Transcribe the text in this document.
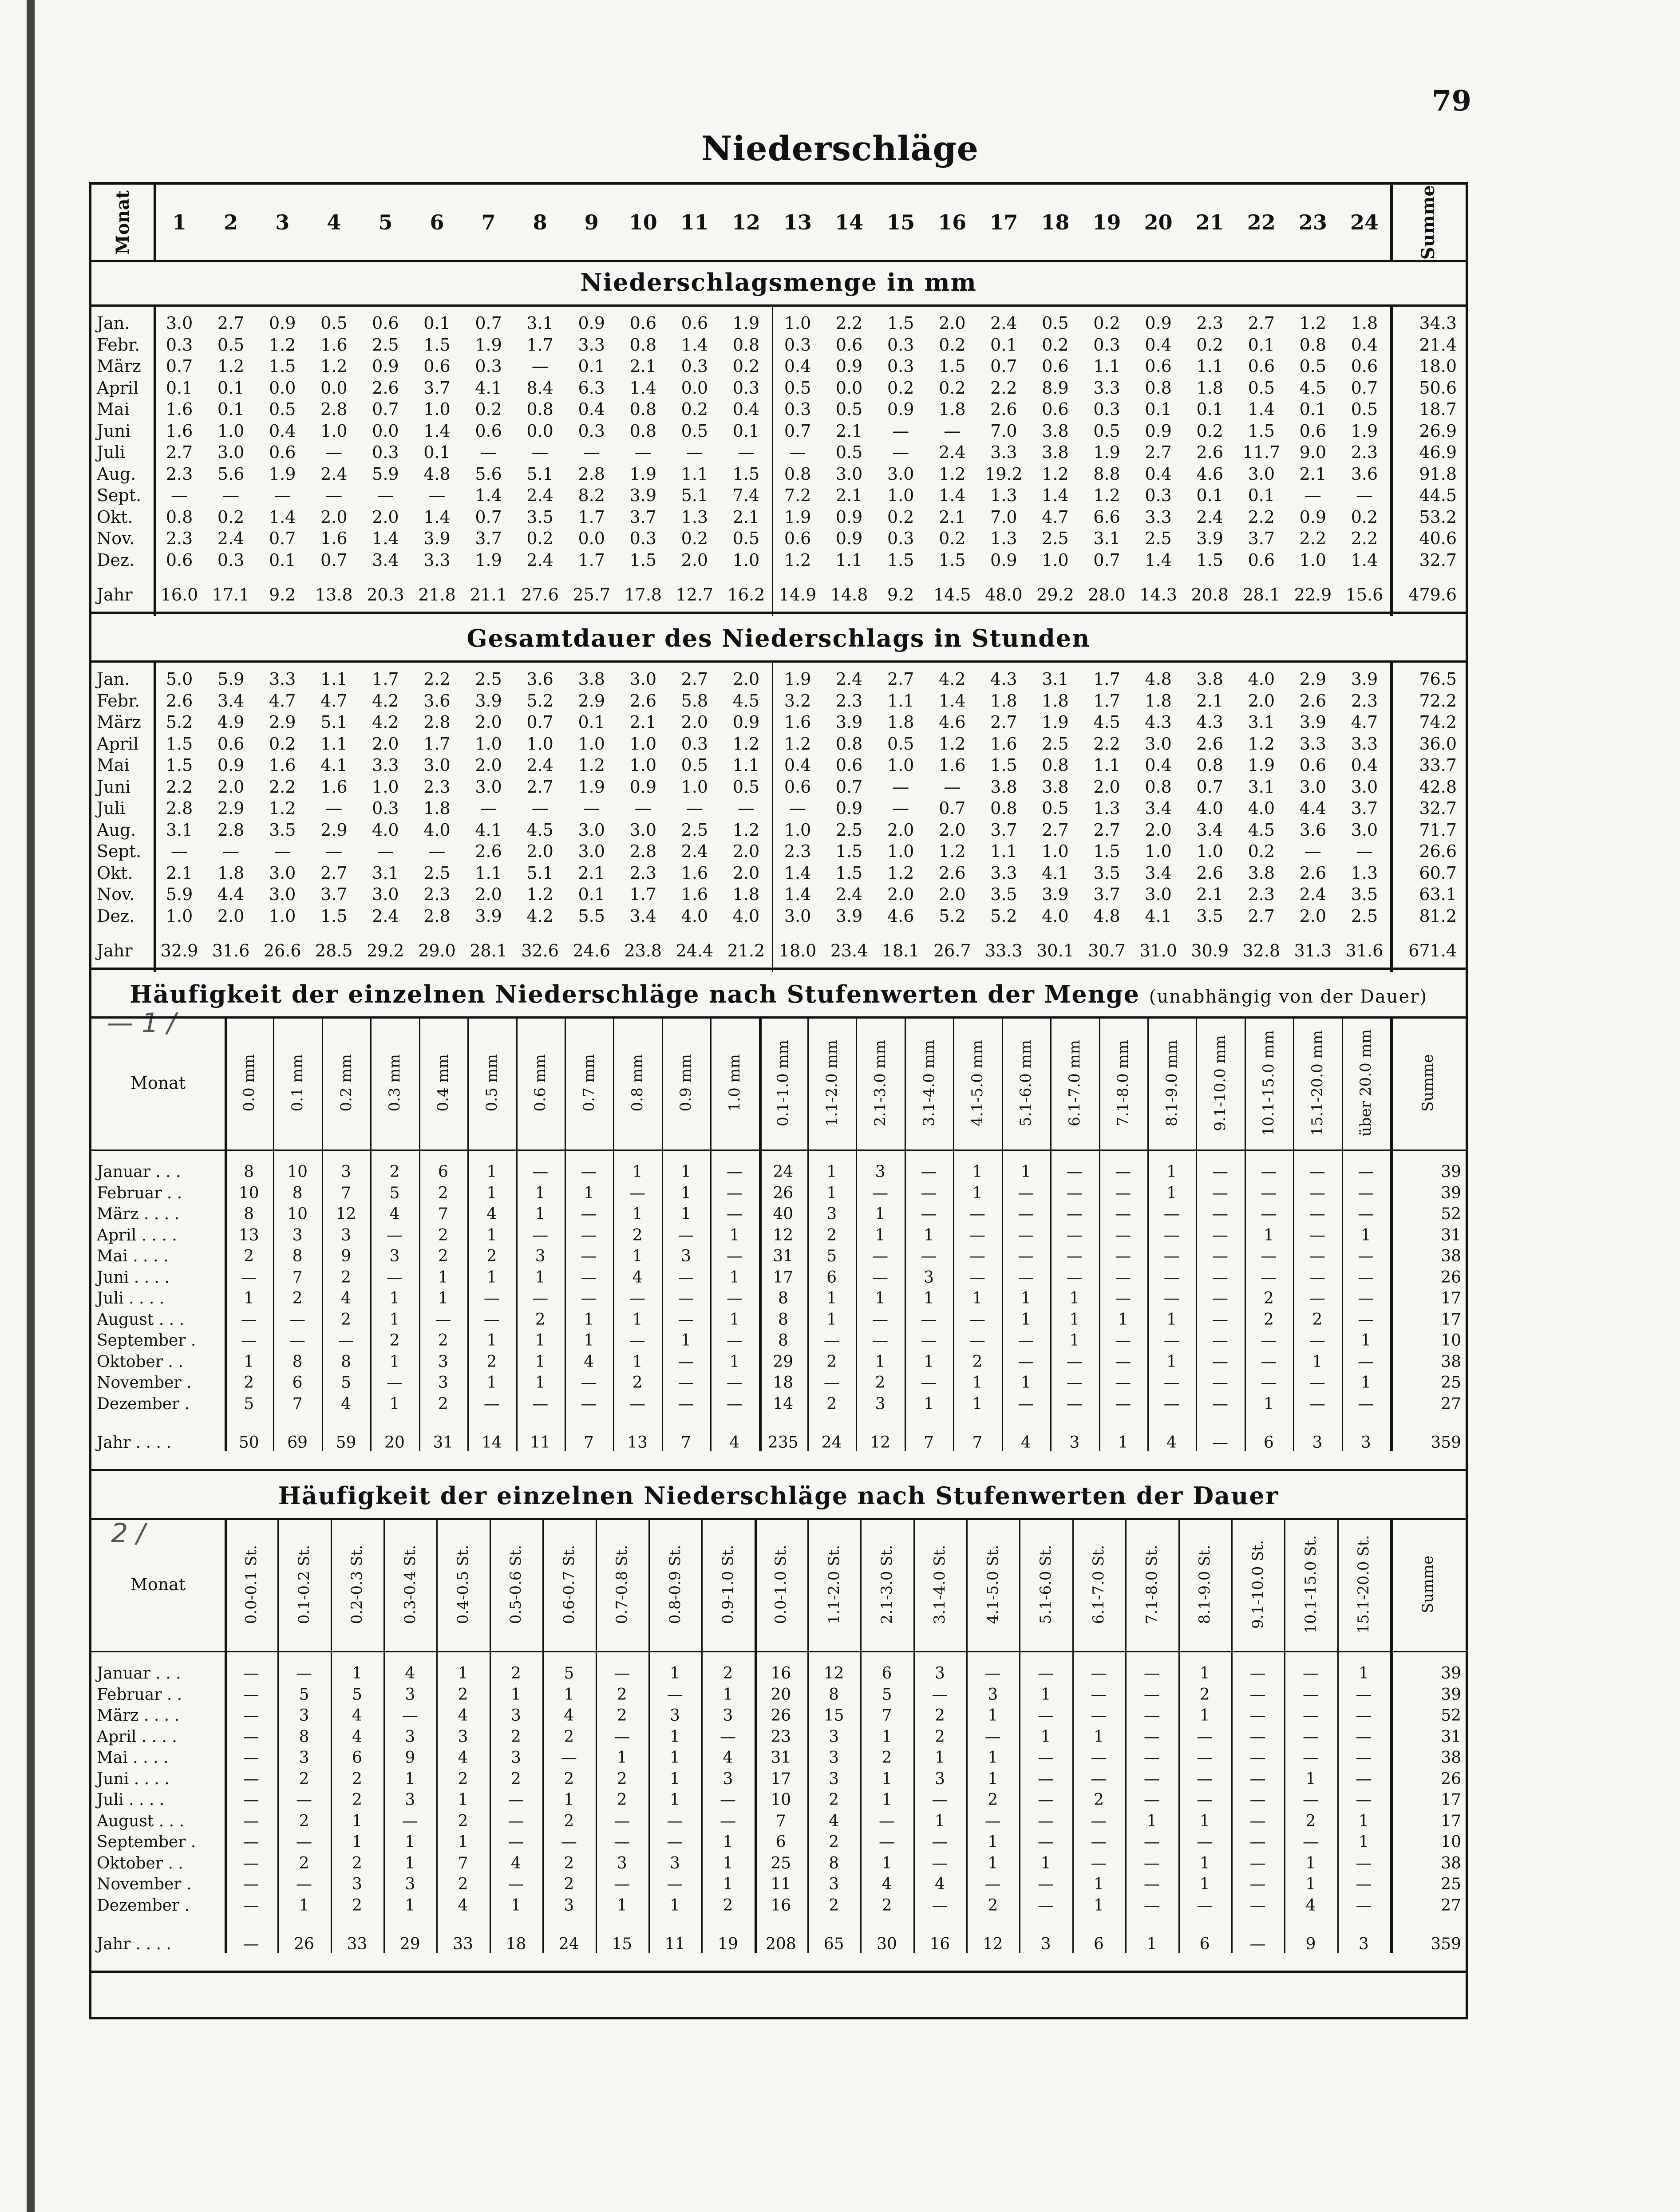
79
Niederschläge
— 1 /
2 /
Monat	1	2	3	4	5	6	7	8	9	10	11	12	13	14	15	16	17	18	19	20	21	22	23	24	Summe
Niederschlagsmenge in mm
Jan.	3.0	2.7	0.9	0.5	0.6	0.1	0.7	3.1	0.9	0.6	0.6	1.9	1.0	2.2	1.5	2.0	2.4	0.5	0.2	0.9	2.3	2.7	1.2	1.8	34.3
Febr.	0.3	0.5	1.2	1.6	2.5	1.5	1.9	1.7	3.3	0.8	1.4	0.8	0.3	0.6	0.3	0.2	0.1	0.2	0.3	0.4	0.2	0.1	0.8	0.4	21.4
März	0.7	1.2	1.5	1.2	0.9	0.6	0.3	—	0.1	2.1	0.3	0.2	0.4	0.9	0.3	1.5	0.7	0.6	1.1	0.6	1.1	0.6	0.5	0.6	18.0
April	0.1	0.1	0.0	0.0	2.6	3.7	4.1	8.4	6.3	1.4	0.0	0.3	0.5	0.0	0.2	0.2	2.2	8.9	3.3	0.8	1.8	0.5	4.5	0.7	50.6
Mai	1.6	0.1	0.5	2.8	0.7	1.0	0.2	0.8	0.4	0.8	0.2	0.4	0.3	0.5	0.9	1.8	2.6	0.6	0.3	0.1	0.1	1.4	0.1	0.5	18.7
Juni	1.6	1.0	0.4	1.0	0.0	1.4	0.6	0.0	0.3	0.8	0.5	0.1	0.7	2.1	—	—	7.0	3.8	0.5	0.9	0.2	1.5	0.6	1.9	26.9
Juli	2.7	3.0	0.6	—	0.3	0.1	—	—	—	—	—	—	—	0.5	—	2.4	3.3	3.8	1.9	2.7	2.6	11.7	9.0	2.3	46.9
Aug.	2.3	5.6	1.9	2.4	5.9	4.8	5.6	5.1	2.8	1.9	1.1	1.5	0.8	3.0	3.0	1.2	19.2	1.2	8.8	0.4	4.6	3.0	2.1	3.6	91.8
Sept.	—	—	—	—	—	—	1.4	2.4	8.2	3.9	5.1	7.4	7.2	2.1	1.0	1.4	1.3	1.4	1.2	0.3	0.1	0.1	—	—	44.5
Okt.	0.8	0.2	1.4	2.0	2.0	1.4	0.7	3.5	1.7	3.7	1.3	2.1	1.9	0.9	0.2	2.1	7.0	4.7	6.6	3.3	2.4	2.2	0.9	0.2	53.2
Nov.	2.3	2.4	0.7	1.6	1.4	3.9	3.7	0.2	0.0	0.3	0.2	0.5	0.6	0.9	0.3	0.2	1.3	2.5	3.1	2.5	3.9	3.7	2.2	2.2	40.6
Dez.	0.6	0.3	0.1	0.7	3.4	3.3	1.9	2.4	1.7	1.5	2.0	1.0	1.2	1.1	1.5	1.5	0.9	1.0	0.7	1.4	1.5	0.6	1.0	1.4	32.7
Jahr	16.0 17.1	9.2	13.8 20.3 21.8 21.1 27.6 25.7 17.8 12.7 16.2 14.9 14.8	9.2	14.5 48.0 29.2 28.0 14.3 20.8 28.1 22.9 15.6	479.6
Gesamtdauer des Niederschlags in Stunden
Jan.	5.0	5.9	3.3	1.1	1.7	2.2	2.5	3.6	3.8	3.0	2.7	2.0	1.9	2.4	2.7	4.2	4.3	3.1	1.7	4.8	3.8	4.0	2.9	3.9	76.5
Febr.	2.6	3.4	4.7	4.7	4.2	3.6	3.9	5.2	2.9	2.6	5.8	4.5	3.2	2.3	1.1	1.4	1.8	1.8	1.7	1.8	2.1	2.0	2.6	2.3	72.2
März	5.2	4.9	2.9	5.1	4.2	2.8	2.0	0.7	0.1	2.1	2.0	0.9	1.6	3.9	1.8	4.6	2.7	1.9	4.5	4.3	4.3	3.1	3.9	4.7	74.2
April	1.5	0.6	0.2	1.1	2.0	1.7	1.0	1.0	1.0	1.0	0.3	1.2	1.2	0.8	0.5	1.2	1.6	2.5	2.2	3.0	2.6	1.2	3.3	3.3	36.0
Mai	1.5	0.9	1.6	4.1	3.3	3.0	2.0	2.4	1.2	1.0	0.5	1.1	0.4	0.6	1.0	1.6	1.5	0.8	1.1	0.4	0.8	1.9	0.6	0.4	33.7
Juni	2.2	2.0	2.2	1.6	1.0	2.3	3.0	2.7	1.9	0.9	1.0	0.5	0.6	0.7	—	—	3.8	3.8	2.0	0.8	0.7	3.1	3.0	3.0	42.8
Juli	2.8	2.9	1.2	—	0.3	1.8	—	—	—	—	—	—	—	0.9	—	0.7	0.8	0.5	1.3	3.4	4.0	4.0	4.4	3.7	32.7
Aug.	3.1	2.8	3.5	2.9	4.0	4.0	4.1	4.5	3.0	3.0	2.5	1.2	1.0	2.5	2.0	2.0	3.7	2.7	2.7	2.0	3.4	4.5	3.6	3.0	71.7
Sept.	—	—	—	—	—	—	2.6	2.0	3.0	2.8	2.4	2.0	2.3	1.5	1.0	1.2	1.1	1.0	1.5	1.0	1.0	0.2	—	—	26.6
Okt.	2.1	1.8	3.0	2.7	3.1	2.5	1.1	5.1	2.1	2.3	1.6	2.0	1.4	1.5	1.2	2.6	3.3	4.1	3.5	3.4	2.6	3.8	2.6	1.3	60.7
Nov.	5.9	4.4	3.0	3.7	3.0	2.3	2.0	1.2	0.1	1.7	1.6	1.8	1.4	2.4	2.0	2.0	3.5	3.9	3.7	3.0	2.1	2.3	2.4	3.5	63.1
Dez.	1.0	2.0	1.0	1.5	2.4	2.8	3.9	4.2	5.5	3.4	4.0	4.0	3.0	3.9	4.6	5.2	5.2	4.0	4.8	4.1	3.5	2.7	2.0	2.5	81.2
Jahr	32.9 31.6 26.6 28.5 29.2 29.0 28.1 32.6 24.6 23.8 24.4 21.2 18.0 23.4 18.1 26.7 33.3 30.1 30.7 31.0 30.9 32.8 31.3 31.6	671.4
Häufigkeit der einzelnen Niederschläge nach Stufenwerten der Menge (unabhängig von der Dauer)
Monat	0.0 mm 0.1 mm 0.2 mm 0.3 mm 0.4 mm 0.5 mm 0.6 mm 0.7 mm 0.8 mm 0.9 mm 1.0 mm 0.1-1.0 mm 1.1-2.0 mm 2.1-3.0 mm 3.1-4.0 mm 4.1-5.0 mm 5.1-6.0 mm 6.1-7.0 mm 7.1-8.0 mm 8.1-9.0 mm 9.1-10.0 mm 10.1-15.0 mm 15.1-20.0 mm über 20.0 mm	Summe
Januar . . .	8	10	3	2	6	1	—	—	1	1	—	24	1	3	—	1	1	—	—	1	—	—	—	—	39
Februar . .	10	8	7	5	2	1	1	1	—	1	—	26	1	—	—	1	—	—	—	1	—	—	—	—	39
März . . . .	8	10	12	4	7	4	1	—	1	1	—	40	3	1	—	—	—	—	—	—	—	—	—	—	52
April . . . .	13	3	3	—	2	1	—	—	2	—	1	12	2	1	1	—	—	—	—	—	—	1	—	1	31
Mai . . . .	2	8	9	3	2	2	3	—	1	3	—	31	5	—	—	—	—	—	—	—	—	—	—	—	38
Juni . . . .	—	7	2	—	1	1	1	—	4	—	1	17	6	—	3	—	—	—	—	—	—	—	—	—	26
Juli . . . .	1	2	4	1	1	—	—	—	—	—	—	8	1	1	1	1	1	1	—	—	—	2	—	—	17
August . . .	—	—	2	1	—	—	2	1	1	—	1	8	1	—	—	—	1	1	1	1	—	2	2	—	17
September .	—	—	—	2	2	1	1	1	—	1	—	8	—	—	—	—	—	1	—	—	—	—	—	1	10
Oktober . .	1	8	8	1	3	2	1	4	1	—	1	29	2	1	1	2	—	—	—	1	—	—	1	—	38
November .	2	6	5	—	3	1	1	—	2	—	—	18	—	2	—	1	1	—	—	—	—	—	—	1	25
Dezember .	5	7	4	1	2	—	—	—	—	—	—	14	2	3	1	1	—	—	—	—	—	1	—	—	27
Jahr . . . .	50	69	59	20	31	14	11	7	13	7	4	235	24	12	7	7	4	3	1	4	—	6	3	3	359
Häufigkeit der einzelnen Niederschläge nach Stufenwerten der Dauer
Monat	0.0-0.1 St. 0.1-0.2 St. 0.2-0.3 St. 0.3-0.4 St. 0.4-0.5 St. 0.5-0.6 St. 0.6-0.7 St. 0.7-0.8 St. 0.8-0.9 St. 0.9-1.0 St. 0.0-1.0 St. 1.1-2.0 St. 2.1-3.0 St. 3.1-4.0 St. 4.1-5.0 St. 5.1-6.0 St. 6.1-7.0 St. 7.1-8.0 St. 8.1-9.0 St. 9.1-10.0 St. 10.1-15.0 St. 15.1-20.0 St.	Summe
Januar . . .	—	—	1	4	1	2	5	—	1	2	16	12	6	3	—	—	—	—	1	—	—	1	39
Februar . .	—	5	5	3	2	1	1	2	—	1	20	8	5	—	3	1	—	—	2	—	—	—	39
März . . . .	—	3	4	—	4	3	4	2	3	3	26	15	7	2	1	—	—	—	1	—	—	—	52
April . . . .	—	8	4	3	3	2	2	—	1	—	23	3	1	2	—	1	1	—	—	—	—	—	31
Mai . . . .	—	3	6	9	4	3	—	1	1	4	31	3	2	1	1	—	—	—	—	—	—	—	38
Juni . . . .	—	2	2	1	2	2	2	2	1	3	17	3	1	3	1	—	—	—	—	—	1	—	26
Juli . . . .	—	—	2	3	1	—	1	2	1	—	10	2	1	—	2	—	2	—	—	—	—	—	17
August . . .	—	2	1	—	2	—	2	—	—	—	7	4	—	1	—	—	—	1	1	—	2	1	17
September .	—	—	1	1	1	—	—	—	—	1	6	2	—	—	1	—	—	—	—	—	—	1	10
Oktober . .	—	2	2	1	7	4	2	3	3	1	25	8	1	—	1	1	—	—	1	—	1	—	38
November .	—	—	3	3	2	—	2	—	—	1	11	3	4	4	—	—	1	—	1	—	1	—	25
Dezember .	—	1	2	1	4	1	3	1	1	2	16	2	2	—	2	—	1	—	—	—	4	—	27
Jahr . . . .	—	26	33	29	33	18	24	15	11	19	208	65	30	16	12	3	6	1	6	—	9	3	359
